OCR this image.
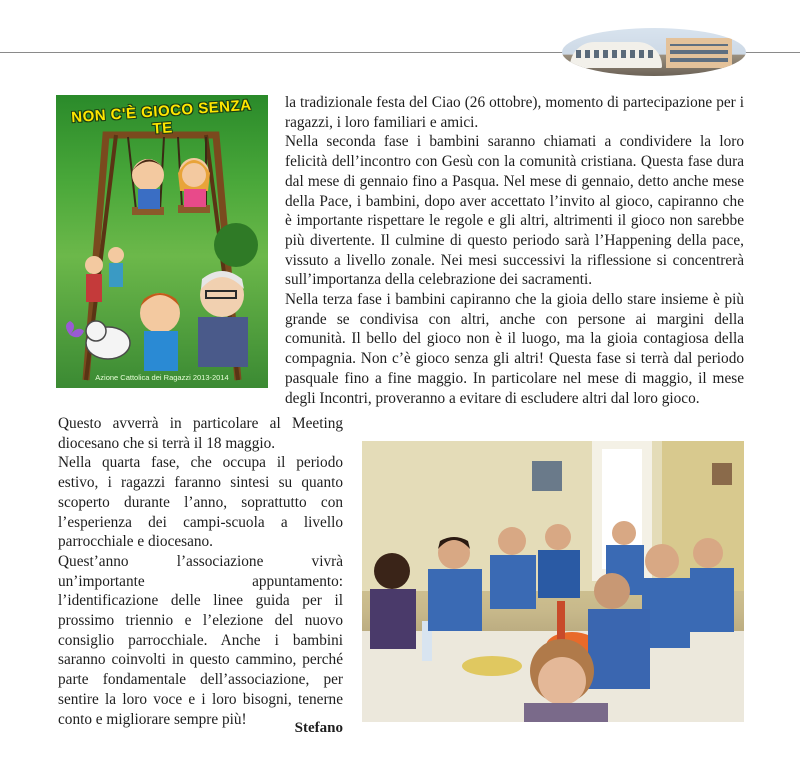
NON C'È GIOCO SENZA TE
Azione Cattolica dei Ragazzi 2013-2014

la tradizionale festa del Ciao (26 ottobre), momento di partecipazione per i ragazzi, i loro familiari e amici.

Nella seconda fase i bambini saranno chiamati a condividere la loro felicità dell’incontro con Gesù con la comunità cristiana. Questa fase dura dal mese di gennaio fino a Pasqua. Nel mese di gennaio, detto anche mese della Pace, i bambini, dopo aver accettato l’invito al gioco, capiranno che è importante rispettare le regole e gli altri, altrimenti il gioco non sarebbe più divertente. Il culmine di questo periodo sarà l’Happening della pace, vissuto a livello zonale. Nei mesi successivi la riflessione si concentrerà sull’importanza della celebrazione dei sacramenti.

Nella terza fase i bambini capiranno che la gioia dello stare insieme è più grande se condivisa con altri, anche con persone ai margini della comunità. Il bello del gioco non è il luogo, ma la gioia contagiosa della compagnia. Non c’è gioco senza gli altri! Questa fase si terrà dal periodo pasquale fino a fine maggio. In particolare nel mese di maggio, il mese degli Incontri, proveranno a evitare di escludere altri dal loro gioco.

Questo avverrà in particolare al Meeting diocesano che si terrà il 18 maggio.

Nella quarta fase, che occupa il periodo estivo, i ragazzi faranno sintesi su quanto scoperto durante l’anno, soprattutto con l’esperienza dei campi-scuola a livello parrocchiale e diocesano.

Quest’anno l’associazione vivrà un’importante appuntamento: l’identificazione delle linee guida per il prossimo triennio e l’elezione del nuovo consiglio parrocchiale. Anche i bambini saranno coinvolti in questo cammino, perché parte fondamentale dell’associazione, per sentire la loro voce e i loro bisogni, tenerne conto e migliorare sempre più!

Stefano
